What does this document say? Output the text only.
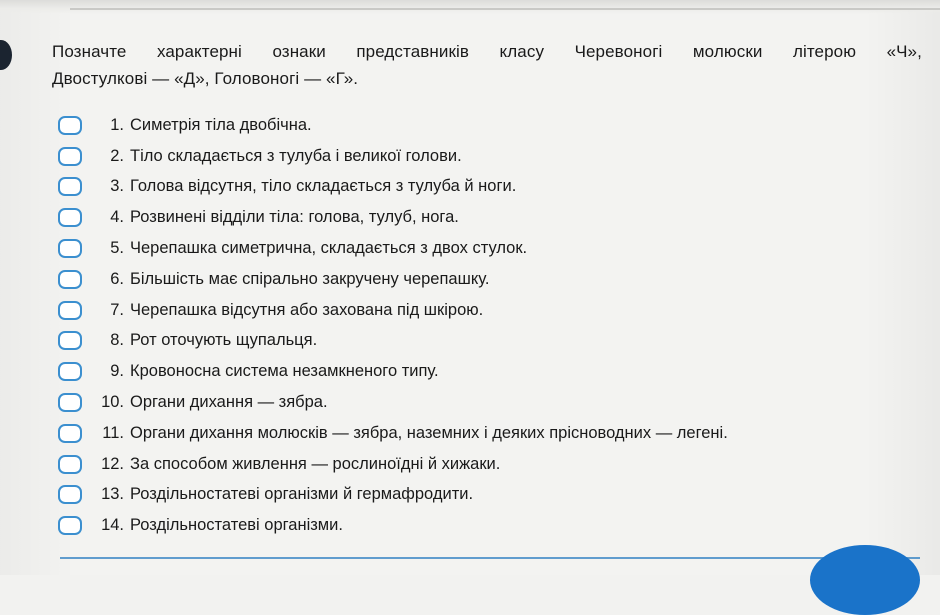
Позначте характерні ознаки представників класу Черевоногі молюски літерою «Ч»,
Двостулкові — «Д», Головоногі — «Г».
1. Симетрія тіла двобічна.
2. Тіло складається з тулуба і великої голови.
3. Голова відсутня, тіло складається з тулуба й ноги.
4. Розвинені відділи тіла: голова, тулуб, нога.
5. Черепашка симетрична, складається з двох стулок.
6. Більшість має спірально закручену черепашку.
7. Черепашка відсутня або захована під шкірою.
8. Рот оточують щупальця.
9. Кровоносна система незамкненого типу.
10. Органи дихання — зябра.
11. Органи дихання молюсків — зябра, наземних і деяких прісноводних — легені.
12. За способом живлення — рослиноїдні й хижаки.
13. Роздільностатеві організми й гермафродити.
14. Роздільностатеві організми.
